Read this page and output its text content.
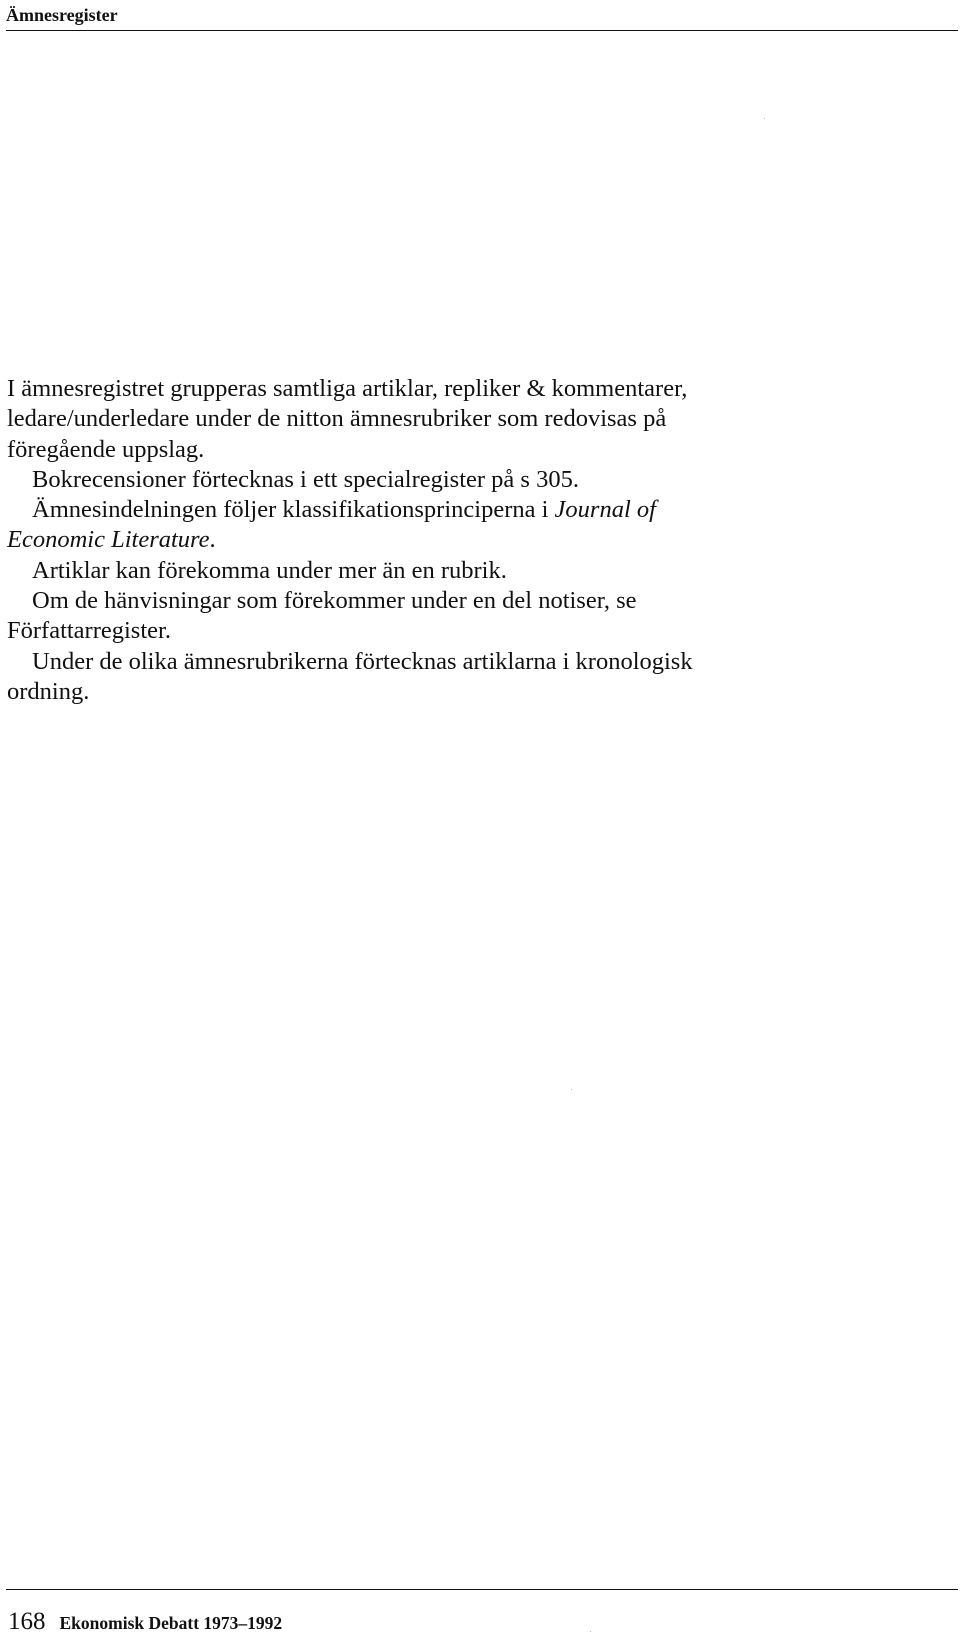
Ämnesregister

I ämnesregistret grupperas samtliga artiklar, repliker & kommentarer, ledare/underledare under de nitton ämnesrubriker som redovisas på föregående uppslag.

Bokrecensioner förtecknas i ett specialregister på s 305.

Ämnesindelningen följer klassifikationsprinciperna i Journal of Economic Literature.

Artiklar kan förekomma under mer än en rubrik.

Om de hänvisningar som förekommer under en del notiser, se Författarregister.

Under de olika ämnesrubrikerna förtecknas artiklarna i kronologisk ordning.

168 Ekonomisk Debatt 1973–1992
